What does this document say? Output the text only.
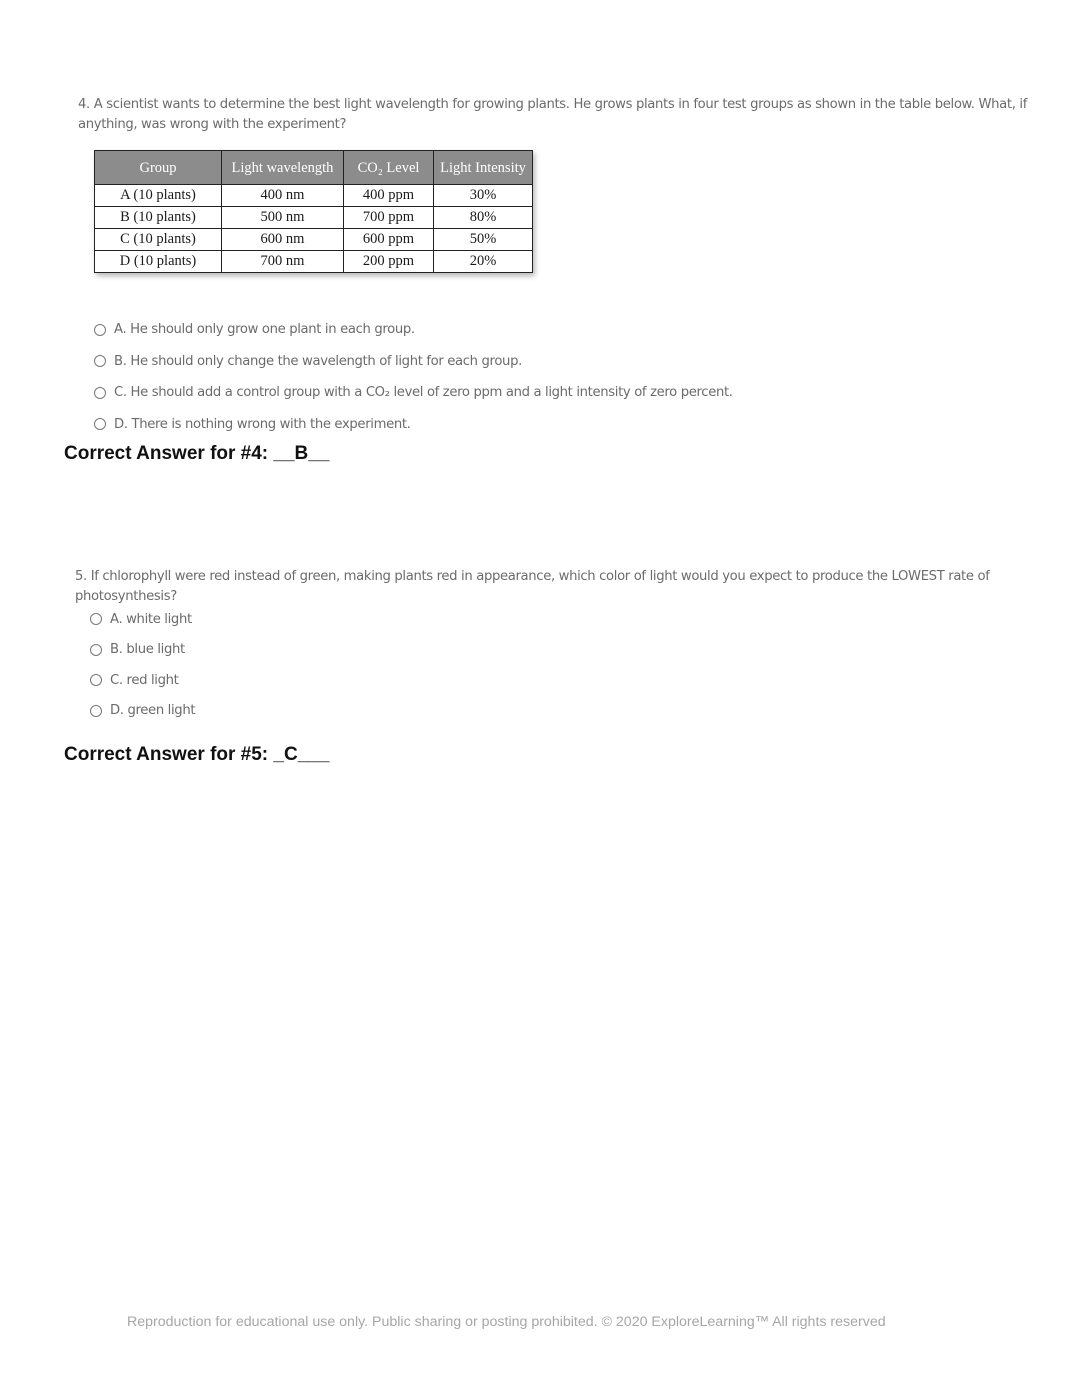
4. A scientist wants to determine the best light wavelength for growing plants. He grows plants in four test groups as shown in the table below. What, if anything, was wrong with the experiment?
Group	Light wavelength	CO₂ Level	Light Intensity
A (10 plants)	400 nm	400 ppm	30%
B (10 plants)	500 nm	700 ppm	80%
C (10 plants)	600 nm	600 ppm	50%
D (10 plants)	700 nm	200 ppm	20%
A. He should only grow one plant in each group.
B. He should only change the wavelength of light for each group.
C. He should add a control group with a CO₂ level of zero ppm and a light intensity of zero percent.
D. There is nothing wrong with the experiment.
Correct Answer for #4: __B__
5. If chlorophyll were red instead of green, making plants red in appearance, which color of light would you expect to produce the LOWEST rate of photosynthesis?
A. white light
B. blue light
C. red light
D. green light
Correct Answer for #5: _C___
Reproduction for educational use only. Public sharing or posting prohibited. © 2020 ExploreLearning™ All rights reserved
